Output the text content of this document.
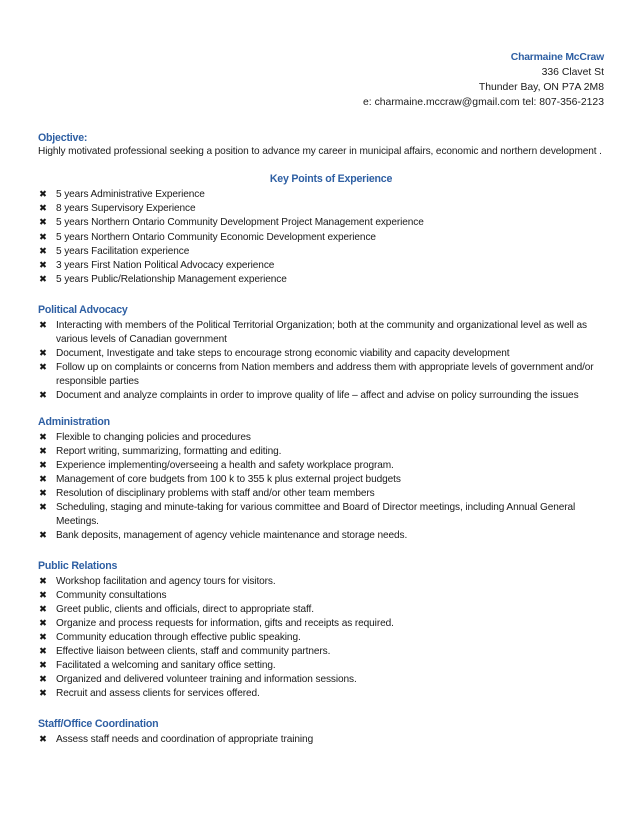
Charmaine McCraw
336 Clavet St
Thunder Bay, ON P7A 2M8
e: charmaine.mccraw@gmail.com tel: 807-356-2123
Objective:
Highly motivated professional seeking a position to advance my career in municipal affairs, economic and northern development .
Key Points of Experience
✖ 5 years Administrative Experience
✖ 8 years Supervisory Experience
✖ 5 years Northern Ontario Community Development Project Management experience
✖ 5 years Northern Ontario Community Economic Development experience
✖ 5 years Facilitation experience
✖ 3 years First Nation Political Advocacy experience
✖ 5 years Public/Relationship Management experience
Political Advocacy
✖ Interacting with members of the Political Territorial Organization; both at the community and organizational level as well as various levels of Canadian government
✖ Document, Investigate and take steps to encourage strong economic viability and capacity development
✖ Follow up on complaints or concerns from Nation members and address them with appropriate levels of government and/or responsible parties
✖ Document and analyze complaints in order to improve quality of life – affect and advise on policy surrounding the issues
Administration
✖ Flexible to changing policies and procedures
✖ Report writing, summarizing, formatting and editing.
✖ Experience implementing/overseeing a health and safety workplace program.
✖ Management of core budgets from 100 k to 355 k plus external project budgets
✖ Resolution of disciplinary problems with staff and/or other team members
✖ Scheduling, staging and minute-taking for various committee and Board of Director meetings, including Annual General Meetings.
✖ Bank deposits, management of agency vehicle maintenance and storage needs.
Public Relations
✖ Workshop facilitation and agency tours for visitors.
✖ Community consultations
✖ Greet public, clients and officials, direct to appropriate staff.
✖ Organize and process requests for information, gifts and receipts as required.
✖ Community education through effective public speaking.
✖ Effective liaison between clients, staff and community partners.
✖ Facilitated a welcoming and sanitary office setting.
✖ Organized and delivered volunteer training and information sessions.
✖ Recruit and assess clients for services offered.
Staff/Office Coordination
✖ Assess staff needs and coordination of appropriate training
